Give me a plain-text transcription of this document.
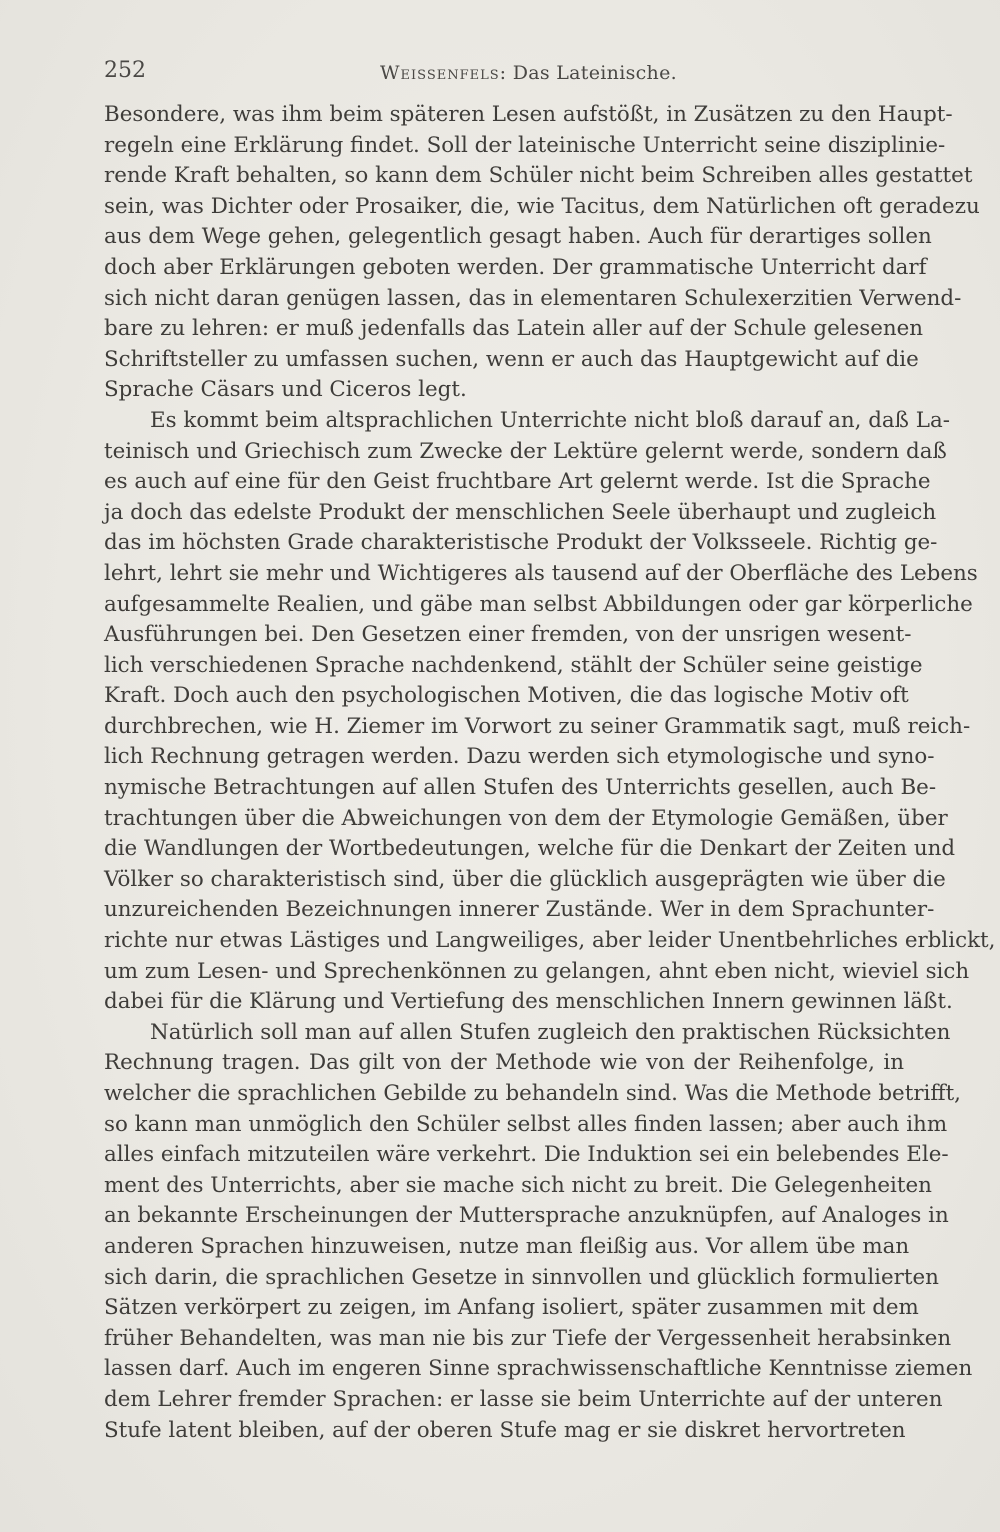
252	Weissenfels: Das Lateinische.
Besondere, was ihm beim späteren Lesen aufstößt, in Zusätzen zu den Haupt-
regeln eine Erklärung findet. Soll der lateinische Unterricht seine disziplinie-
rende Kraft behalten, so kann dem Schüler nicht beim Schreiben alles gestattet
sein, was Dichter oder Prosaiker, die, wie Tacitus, dem Natürlichen oft geradezu
aus dem Wege gehen, gelegentlich gesagt haben. Auch für derartiges sollen
doch aber Erklärungen geboten werden. Der grammatische Unterricht darf
sich nicht daran genügen lassen, das in elementaren Schulexerzitien Verwend-
bare zu lehren: er muß jedenfalls das Latein aller auf der Schule gelesenen
Schriftsteller zu umfassen suchen, wenn er auch das Hauptgewicht auf die
Sprache Cäsars und Ciceros legt.
Es kommt beim altsprachlichen Unterrichte nicht bloß darauf an, daß La-
teinisch und Griechisch zum Zwecke der Lektüre gelernt werde, sondern daß
es auch auf eine für den Geist fruchtbare Art gelernt werde. Ist die Sprache
ja doch das edelste Produkt der menschlichen Seele überhaupt und zugleich
das im höchsten Grade charakteristische Produkt der Volksseele. Richtig ge-
lehrt, lehrt sie mehr und Wichtigeres als tausend auf der Oberfläche des Lebens
aufgesammelte Realien, und gäbe man selbst Abbildungen oder gar körperliche
Ausführungen bei. Den Gesetzen einer fremden, von der unsrigen wesent-
lich verschiedenen Sprache nachdenkend, stählt der Schüler seine geistige
Kraft. Doch auch den psychologischen Motiven, die das logische Motiv oft
durchbrechen, wie H. Ziemer im Vorwort zu seiner Grammatik sagt, muß reich-
lich Rechnung getragen werden. Dazu werden sich etymologische und syno-
nymische Betrachtungen auf allen Stufen des Unterrichts gesellen, auch Be-
trachtungen über die Abweichungen von dem der Etymologie Gemäßen, über
die Wandlungen der Wortbedeutungen, welche für die Denkart der Zeiten und
Völker so charakteristisch sind, über die glücklich ausgeprägten wie über die
unzureichenden Bezeichnungen innerer Zustände. Wer in dem Sprachunter-
richte nur etwas Lästiges und Langweiliges, aber leider Unentbehrliches erblickt,
um zum Lesen- und Sprechenkönnen zu gelangen, ahnt eben nicht, wieviel sich
dabei für die Klärung und Vertiefung des menschlichen Innern gewinnen läßt.
Natürlich soll man auf allen Stufen zugleich den praktischen Rücksichten
Rechnung tragen. Das gilt von der Methode wie von der Reihenfolge, in
welcher die sprachlichen Gebilde zu behandeln sind. Was die Methode betrifft,
so kann man unmöglich den Schüler selbst alles finden lassen; aber auch ihm
alles einfach mitzuteilen wäre verkehrt. Die Induktion sei ein belebendes Ele-
ment des Unterrichts, aber sie mache sich nicht zu breit. Die Gelegenheiten
an bekannte Erscheinungen der Muttersprache anzuknüpfen, auf Analoges in
anderen Sprachen hinzuweisen, nutze man fleißig aus. Vor allem übe man
sich darin, die sprachlichen Gesetze in sinnvollen und glücklich formulierten
Sätzen verkörpert zu zeigen, im Anfang isoliert, später zusammen mit dem
früher Behandelten, was man nie bis zur Tiefe der Vergessenheit herabsinken
lassen darf. Auch im engeren Sinne sprachwissenschaftliche Kenntnisse ziemen
dem Lehrer fremder Sprachen: er lasse sie beim Unterrichte auf der unteren
Stufe latent bleiben, auf der oberen Stufe mag er sie diskret hervortreten
